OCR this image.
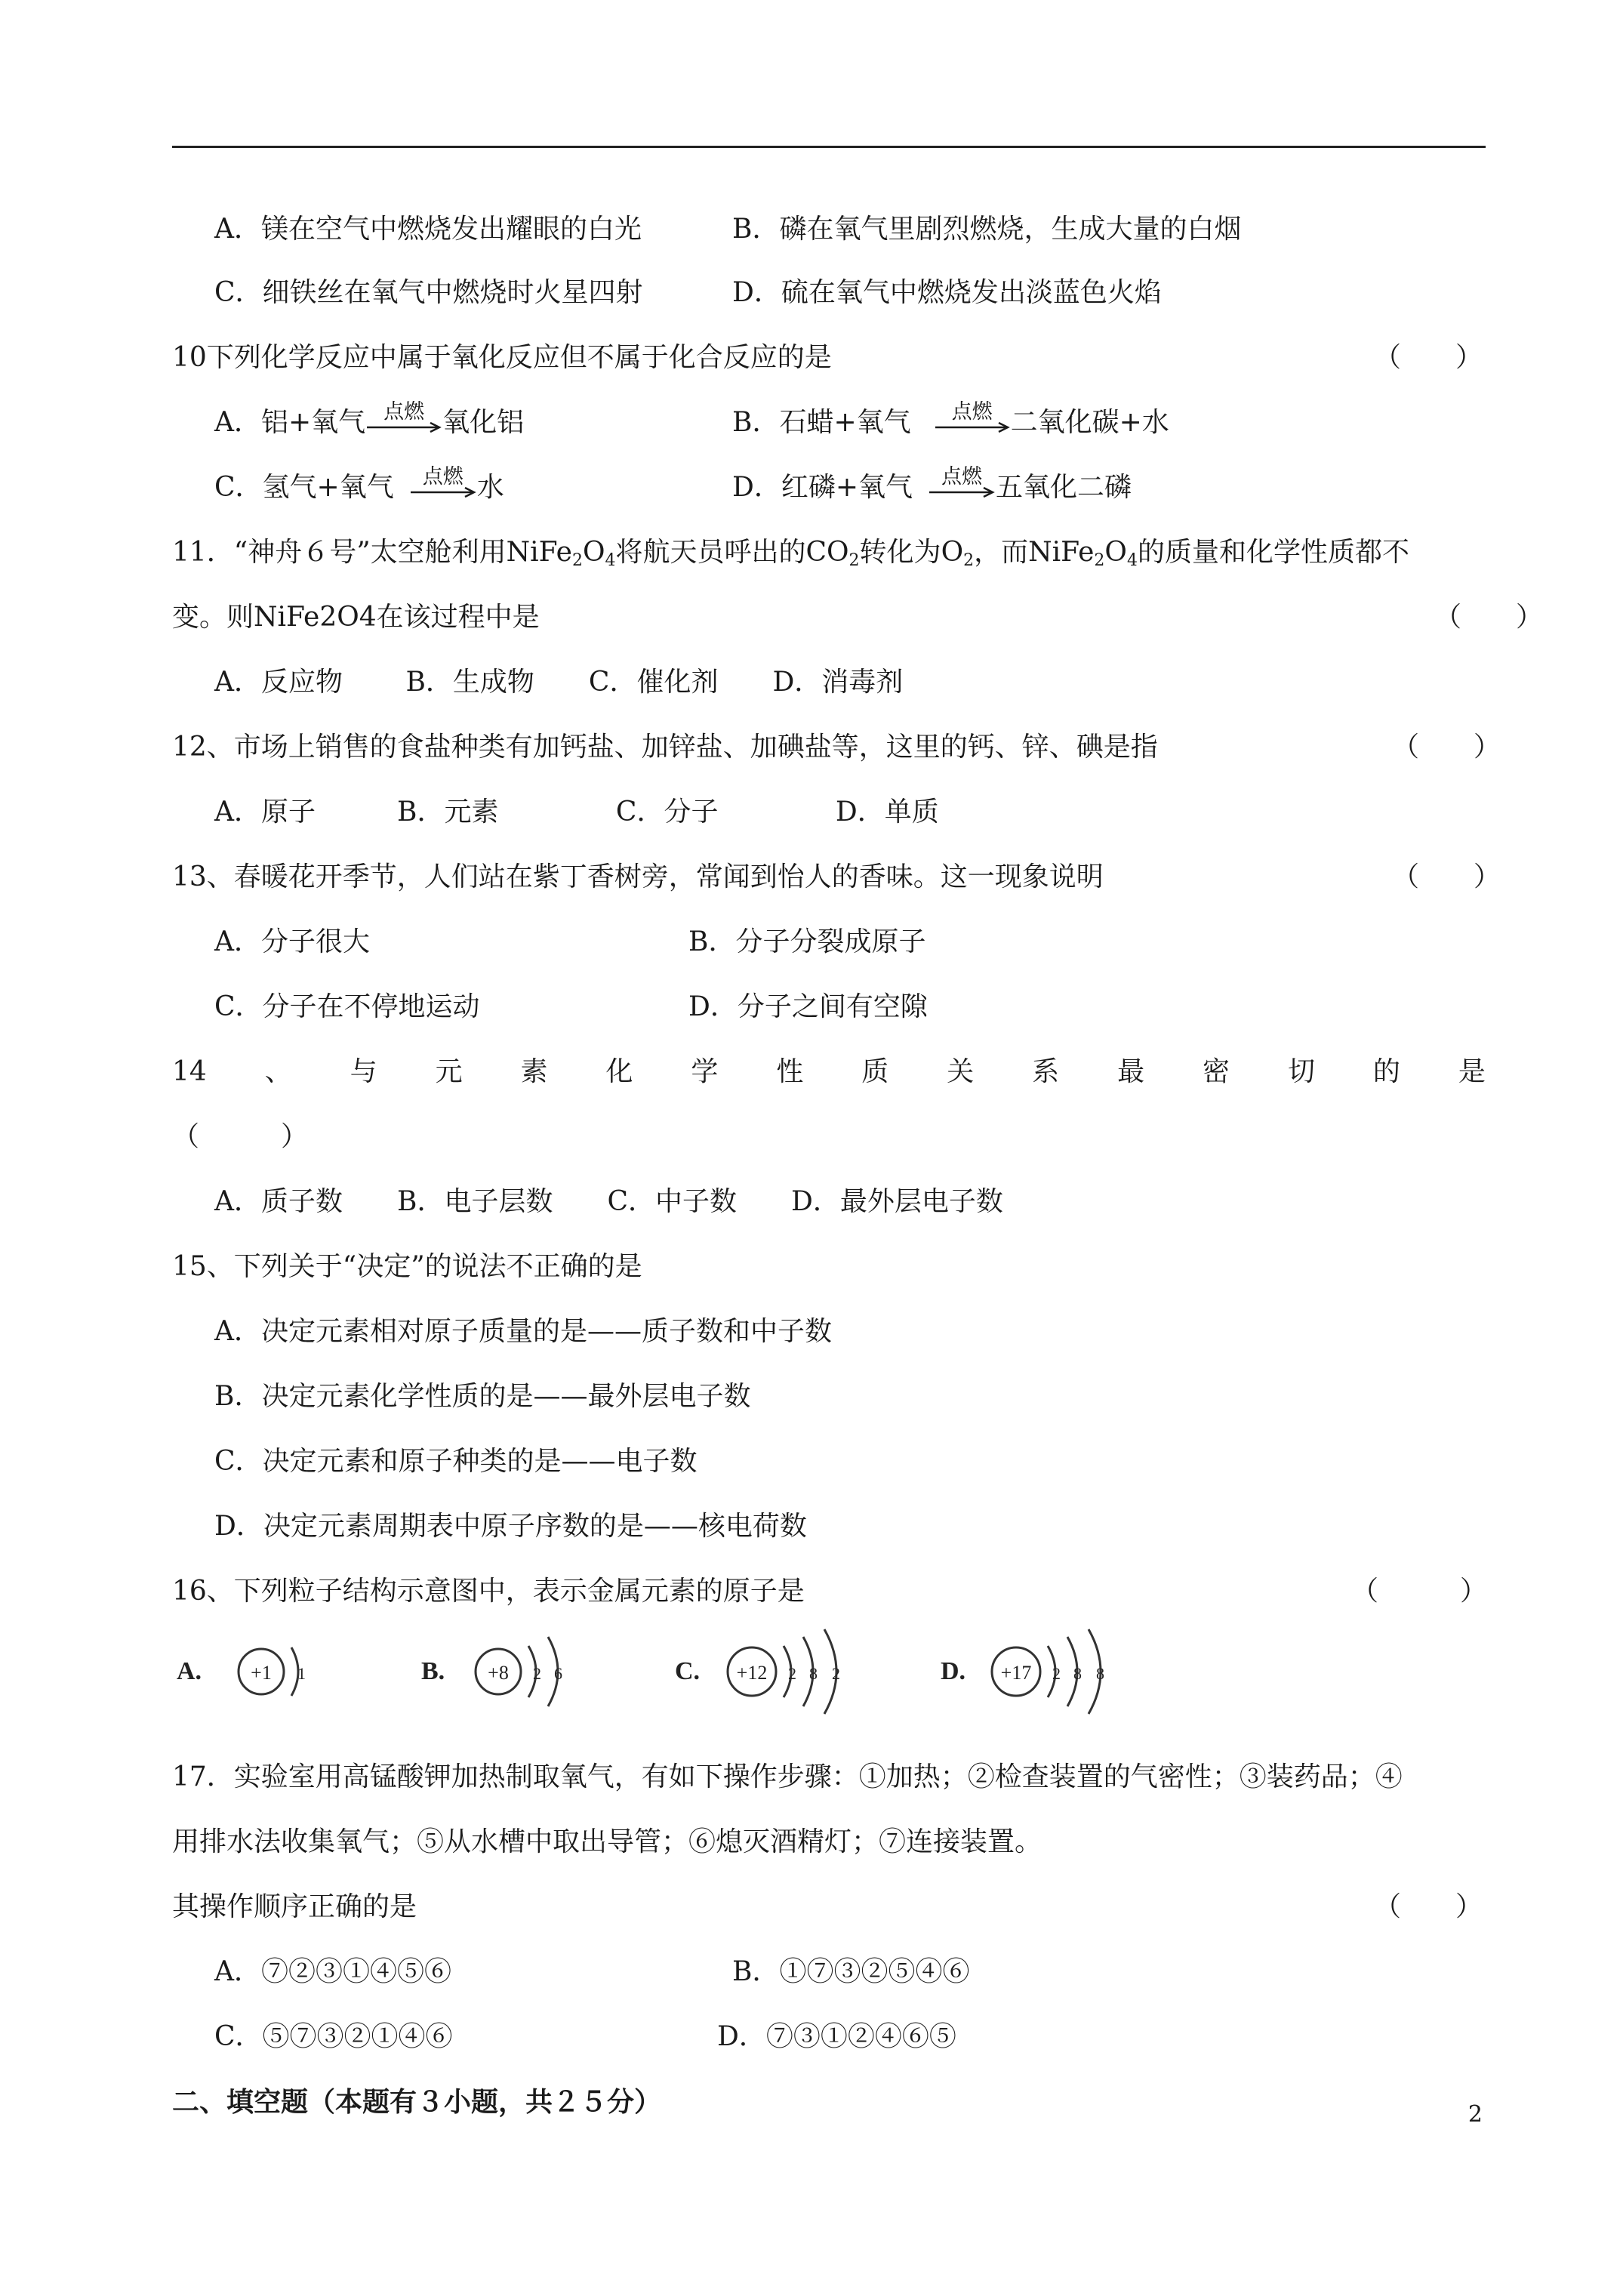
A．镁在空气中燃烧发出耀眼的白光	B．磷在氧气里剧烈燃烧，生成大量的白烟
C．细铁丝在氧气中燃烧时火星四射	D．硫在氧气中燃烧发出淡蓝色火焰
10下列化学反应中属于氧化反应但不属于化合反应的是	（　　）
A．铝+氧气 点燃 氧化铝	B．石蜡+氧气	点燃 二氧化碳+水
C．氢气+氧气	点燃 水	D．红磷+氧气	点燃 五氧化二磷
11．“神舟６号”太空舱利用$NiFe_2O_4$将航天员呼出的$CO_2$转化为$O_2$，而$NiFe_2O_4$的质量和化学性质都不
变。则NiFe2O4在该过程中是	（　　）
A．反应物　　 B．生成物　　C．催化剂　　D．消毒剂
12、市场上销售的食盐种类有加钙盐、加锌盐、加碘盐等，这里的钙、锌、碘是指	（　　）
A．原子　　　B．元素　　　　 C．分子　　　　 D．单质
13、春暖花开季节，人们站在紫丁香树旁，常闻到怡人的香味。这一现象说明	（　　）
A．分子很大	B．分子分裂成原子
C．分子在不停地运动	D．分子之间有空隙
14 、 与 元 素 化 学 性 质 关 系 最 密 切 的 是
（　　　）
A．质子数　　B．电子层数　　C．中子数　　D．最外层电子数
15、下列关于“决定”的说法不正确的是
A．决定元素相对原子质量的是——质子数和中子数
B．决定元素化学性质的是——最外层电子数
C．决定元素和原子种类的是——电子数
D．决定元素周期表中原子序数的是——核电荷数
16、下列粒子结构示意图中，表示金属元素的原子是	（　　　）
A.	+1 1	B. +8 2 6	C. +12 2 8 2	D. +17 2 8 8
17．实验室用高锰酸钾加热制取氧气，有如下操作步骤：①加热；②检查装置的气密性；③装药品；④
用排水法收集氧气；⑤从水槽中取出导管；⑥熄灭酒精灯；⑦连接装置。
其操作顺序正确的是	（　　）
A．⑦②③①④⑤⑥	B．①⑦③②⑤④⑥
C．⑤⑦③②①④⑥	D．⑦③①②④⑥⑤
二、填空题（本题有３小题，共２５分）	2
